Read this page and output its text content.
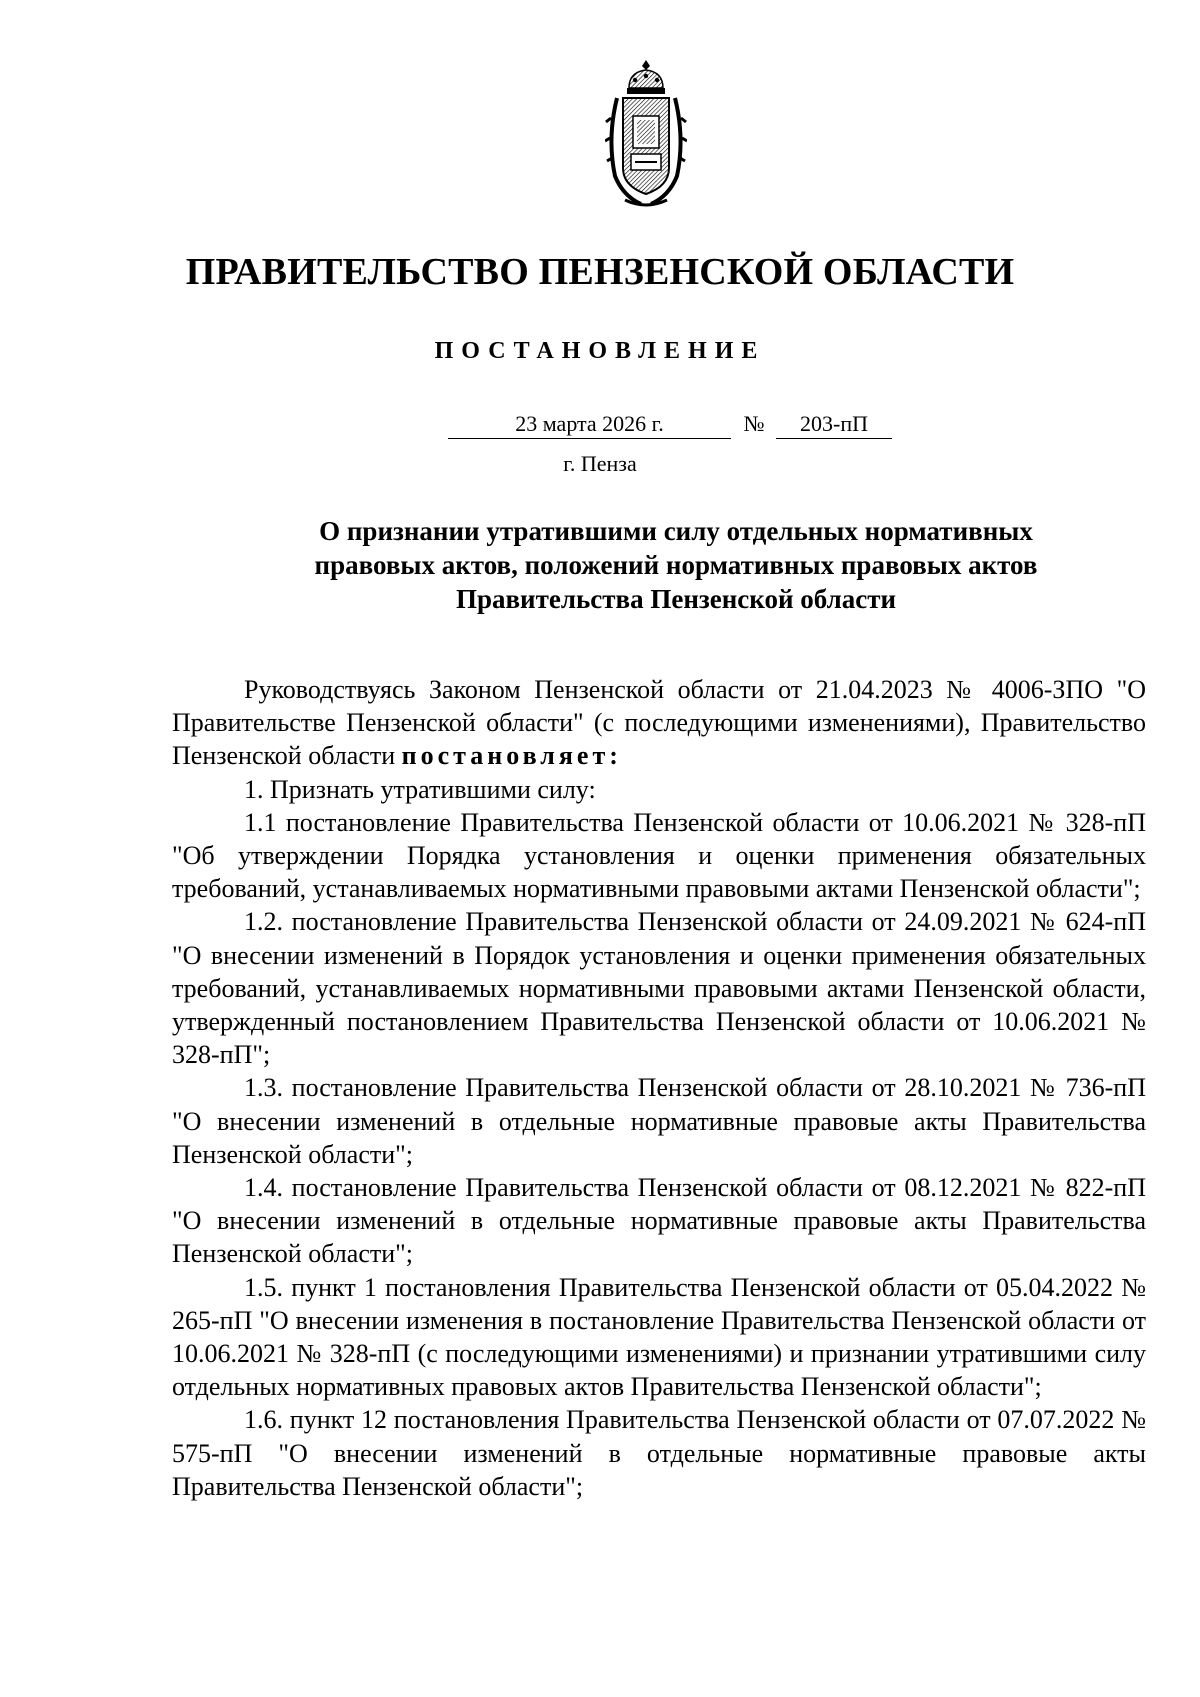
ПРАВИТЕЛЬСТВО ПЕНЗЕНСКОЙ ОБЛАСТИ
ПОСТАНОВЛЕНИЕ
23 марта 2026 г.	№	203-пП
г. Пенза
О признании утратившими силу отдельных нормативных
правовых актов, положений нормативных правовых актов
Правительства Пензенской области

Руководствуясь Законом Пензенской области от 21.04.2023 № 4006-ЗПО "О Правительстве Пензенской области" (с последующими изменениями), Правительство Пензенской области постановляет:

1. Признать утратившими силу:

1.1 постановление Правительства Пензенской области от 10.06.2021 № 328-пП "Об утверждении Порядка установления и оценки применения обязательных требований, устанавливаемых нормативными правовыми актами Пензенской области";

1.2. постановление Правительства Пензенской области от 24.09.2021 № 624-пП "О внесении изменений в Порядок установления и оценки применения обязательных требований, устанавливаемых нормативными правовыми актами Пензенской области, утвержденный постановлением Правительства Пензенской области от 10.06.2021 № 328-пП";

1.3. постановление Правительства Пензенской области от 28.10.2021 № 736-пП "О внесении изменений в отдельные нормативные правовые акты Правительства Пензенской области";

1.4. постановление Правительства Пензенской области от 08.12.2021 № 822-пП "О внесении изменений в отдельные нормативные правовые акты Правительства Пензенской области";

1.5. пункт 1 постановления Правительства Пензенской области от 05.04.2022 № 265-пП "О внесении изменения в постановление Правительства Пензенской области от 10.06.2021 № 328-пП (с последующими изменениями) и признании утратившими силу отдельных нормативных правовых актов Правительства Пензенской области";

1.6. пункт 12 постановления Правительства Пензенской области от 07.07.2022 № 575-пП "О внесении изменений в отдельные нормативные правовые акты Правительства Пензенской области";
